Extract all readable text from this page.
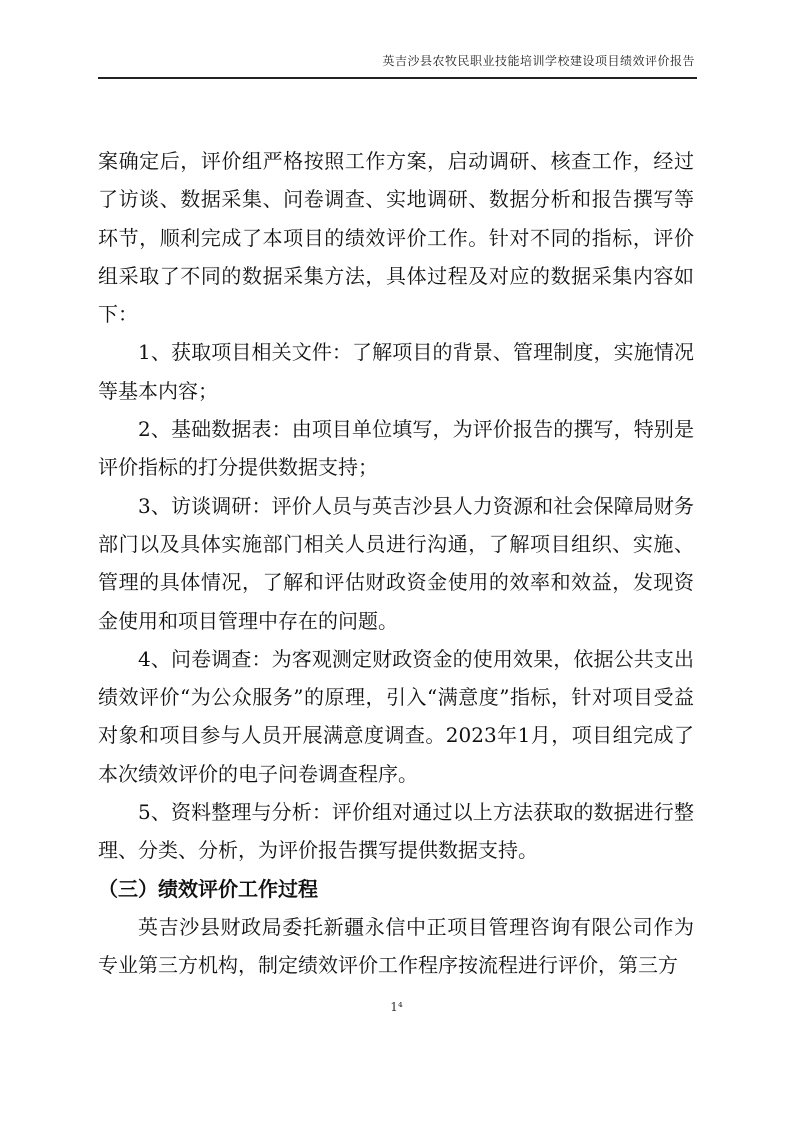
英吉沙县农牧民职业技能培训学校建设项目绩效评价报告

案确定后，评价组严格按照工作方案，启动调研、核查工作，经过了访谈、数据采集、问卷调查、实地调研、数据分析和报告撰写等环节，顺利完成了本项目的绩效评价工作。针对不同的指标，评价组采取了不同的数据采集方法，具体过程及对应的数据采集内容如下：

1、获取项目相关文件：了解项目的背景、管理制度，实施情况等基本内容；

2、基础数据表：由项目单位填写，为评价报告的撰写，特别是评价指标的打分提供数据支持；

3、访谈调研：评价人员与英吉沙县人力资源和社会保障局财务部门以及具体实施部门相关人员进行沟通，了解项目组织、实施、管理的具体情况，了解和评估财政资金使用的效率和效益，发现资金使用和项目管理中存在的问题。

4、问卷调查：为客观测定财政资金的使用效果，依据公共支出绩效评价“为公众服务”的原理，引入“满意度”指标，针对项目受益对象和项目参与人员开展满意度调查。2023年1月，项目组完成了本次绩效评价的电子问卷调查程序。

5、资料整理与分析：评价组对通过以上方法获取的数据进行整理、分类、分析，为评价报告撰写提供数据支持。

（三）绩效评价工作过程

英吉沙县财政局委托新疆永信中正项目管理咨询有限公司作为专业第三方机构，制定绩效评价工作程序按流程进行评价，第三方

1⁴
